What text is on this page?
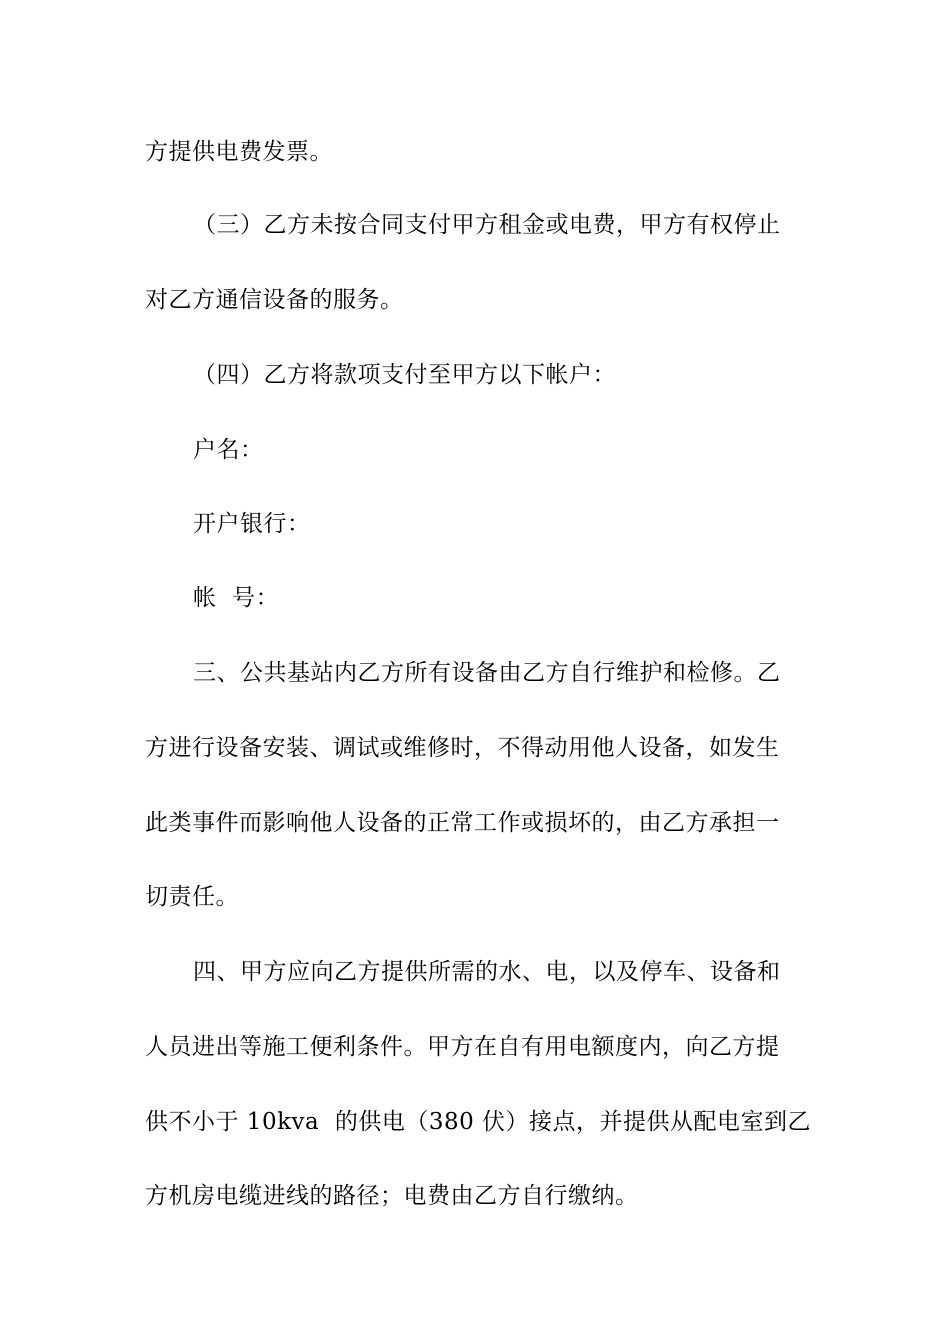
方提供电费发票。
（三）乙方未按合同支付甲方租金或电费，甲方有权停止
对乙方通信设备的服务。
（四）乙方将款项支付至甲方以下帐户：
户名：
开户银行：
帐  号：
三、公共基站内乙方所有设备由乙方自行维护和检修。乙
方进行设备安装、调试或维修时，不得动用他人设备，如发生
此类事件而影响他人设备的正常工作或损坏的，由乙方承担一
切责任。
四、甲方应向乙方提供所需的水、电，以及停车、设备和
人员进出等施工便利条件。甲方在自有用电额度内，向乙方提
供不小于 10kva  的供电（380 伏）接点，并提供从配电室到乙
方机房电缆进线的路径；电费由乙方自行缴纳。
